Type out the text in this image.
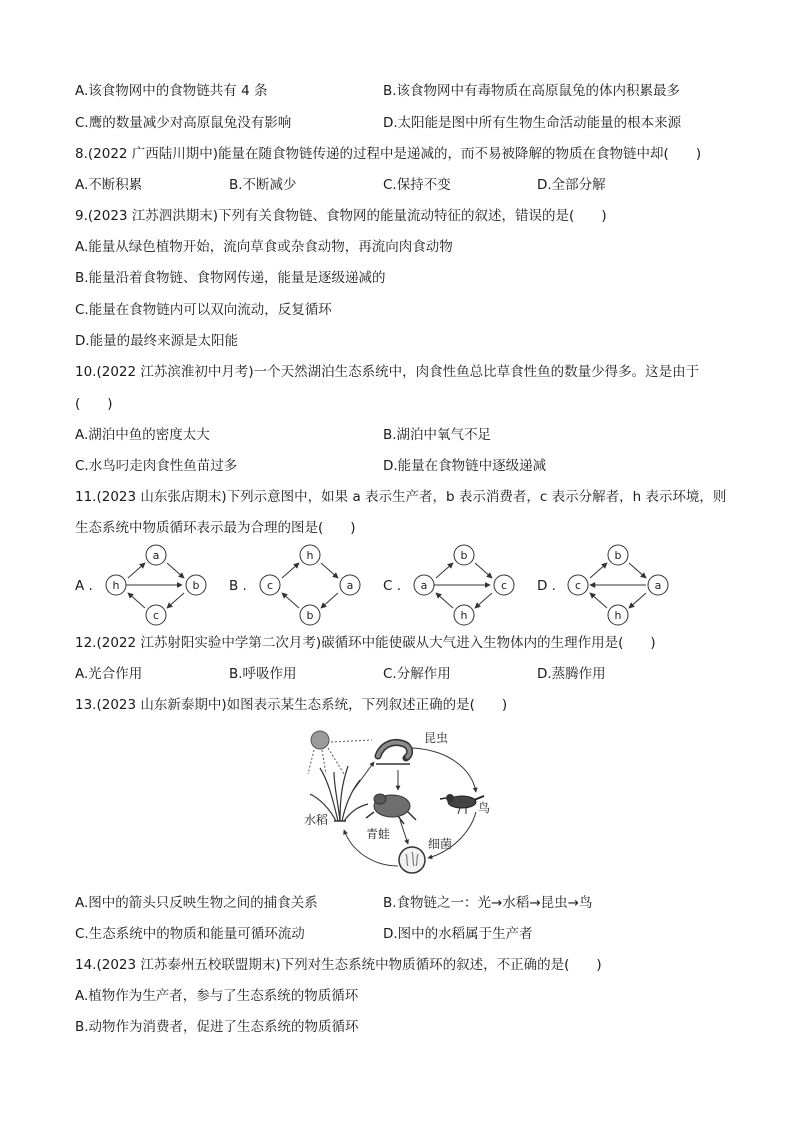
A.该食物网中的食物链共有 4 条	B.该食物网中有毒物质在高原鼠兔的体内积累最多
C.鹰的数量减少对高原鼠兔没有影响	D.太阳能是图中所有生物生命活动能量的根本来源
8.(2022 广西陆川期中)能量在随食物链传递的过程中是递减的，而不易被降解的物质在食物链中却(　　)
A.不断积累	B.不断减少	C.保持不变	D.全部分解
9.(2023 江苏泗洪期末)下列有关食物链、食物网的能量流动特征的叙述，错误的是(　　)
A.能量从绿色植物开始，流向草食或杂食动物，再流向肉食动物
B.能量沿着食物链、食物网传递，能量是逐级递减的
C.能量在食物链内可以双向流动，反复循环
D.能量的最终来源是太阳能
10.(2022 江苏滨淮初中月考)一个天然湖泊生态系统中，肉食性鱼总比草食性鱼的数量少得多。这是由于
(　　)
A.湖泊中鱼的密度太大	B.湖泊中氧气不足
C.水鸟叼走肉食性鱼苗过多	D.能量在食物链中逐级递减
11.(2023 山东张店期末)下列示意图中，如果 a 表示生产者，b 表示消费者，c 表示分解者，h 表示环境，则
生态系统中物质循环表示最为合理的图是(　　)
A .
a
h	b
c
B .
h
c	a
b
C .
b
a	c
h
D .
b
c	a
h
12.(2022 江苏射阳实验中学第二次月考)碳循环中能使碳从大气进入生物体内的生理作用是(　　)
A.光合作用	B.呼吸作用	C.分解作用	D.蒸腾作用
13.(2023 山东新泰期中)如图表示某生态系统，下列叙述正确的是(　　)
昆虫
鸟
水稻
青蛙
细菌
A.图中的箭头只反映生物之间的捕食关系	B.食物链之一：光→水稻→昆虫→鸟
C.生态系统中的物质和能量可循环流动	D.图中的水稻属于生产者
14.(2023 江苏泰州五校联盟期末)下列对生态系统中物质循环的叙述，不正确的是(　　)
A.植物作为生产者，参与了生态系统的物质循环
B.动物作为消费者，促进了生态系统的物质循环
